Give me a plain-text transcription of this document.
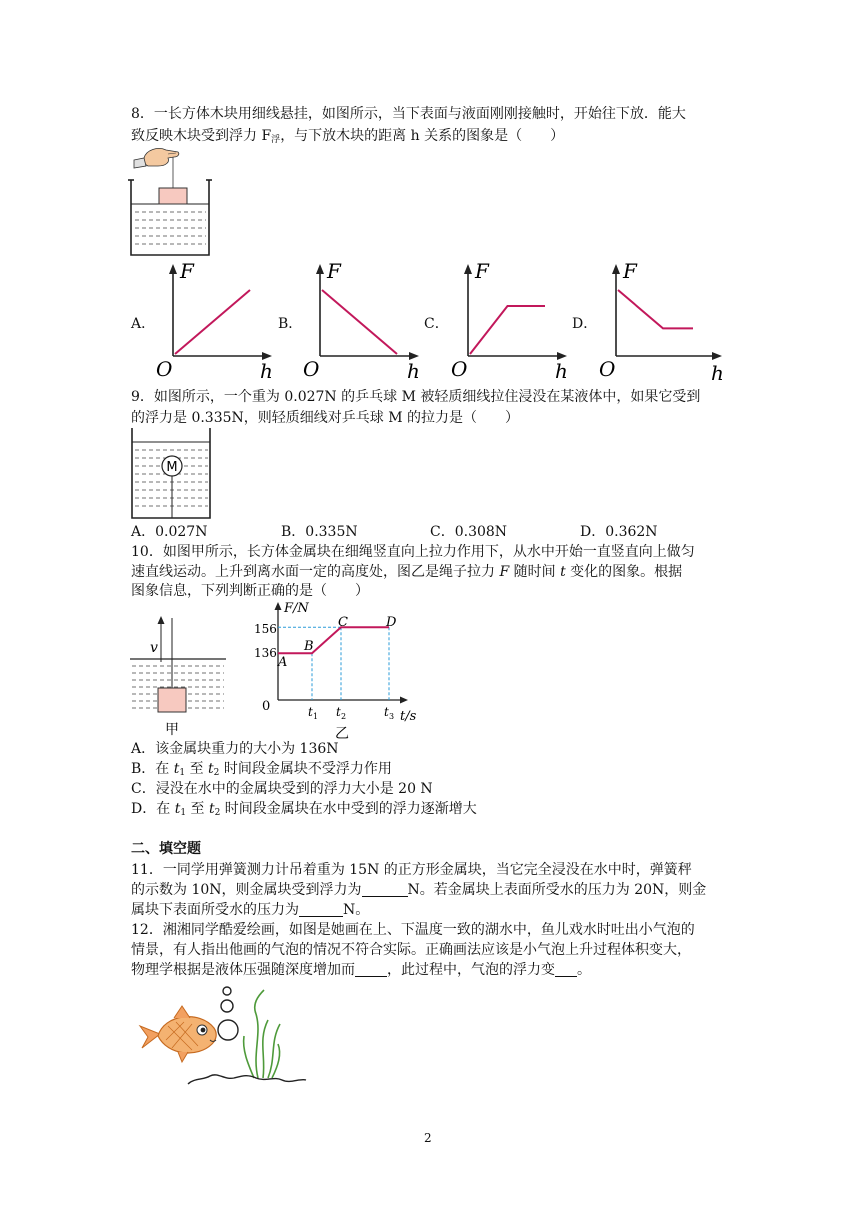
8．一长方体木块用细线悬挂，如图所示，当下表面与液面刚刚接触时，开始往下放．能大
致反映木块受到浮力 $F_浮$，与下放木块的距离 h 关系的图象是（　　）
A．	B．	C．	D．
F
h
O
F
h
O
F
h
O
F
h
O
9．如图所示，一个重为 0.027N 的乒乓球 M 被轻质细线拉住浸没在某液体中，如果它受到
的浮力是 0.335N，则轻质细线对乒乓球 M 的拉力是（　　）
M
A．0.027N	B．0.335N	C．0.308N	D．0.362N
10．如图甲所示，长方体金属块在细绳竖直向上拉力作用下，从水中开始一直竖直向上做匀
速直线运动。上升到离水面一定的高度处，图乙是绳子拉力 F 随时间 t 变化的图象。根据
图象信息，下列判断正确的是（　　）
v
甲
F/N
t/s
0
156
136
A
B
C	D
t 1 t 2	t 3
乙
A．该金属块重力的大小为 136N
B．在 $t_1$ 至 $t_2$ 时间段金属块不受浮力作用
C．浸没在水中的金属块受到的浮力大小是 20 N
D．在 $t_1$ 至 $t_2$ 时间段金属块在水中受到的浮力逐渐增大
二、填空题
11．一同学用弹簧测力计吊着重为 15N 的正方形金属块，当它完全浸没在水中时，弹簧秤
的示数为 10N，则金属块受到浮力为	N。若金属块上表面所受水的压力为 20N，则金
属块下表面所受水的压力为	N。
12．湘湘同学酷爱绘画，如图是她画在上、下温度一致的湖水中，鱼儿戏水时吐出小气泡的
情景，有人指出他画的气泡的情况不符合实际。正确画法应该是小气泡上升过程体积变大，
物理学根据是液体压强随深度增加而 ，此过程中，气泡的浮力变 。
2
